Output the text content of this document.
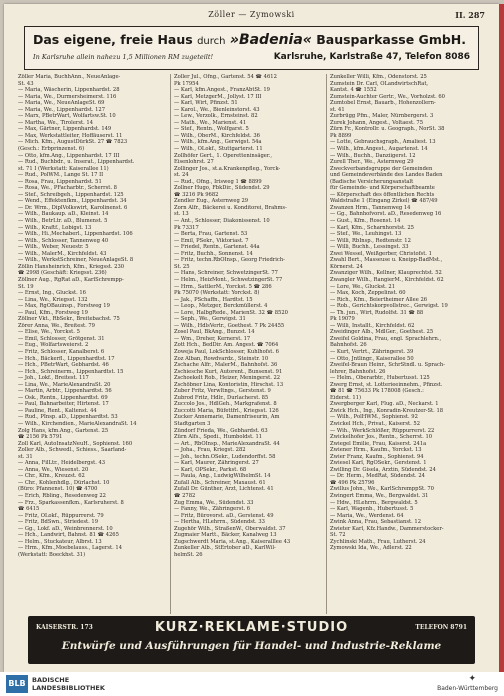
Zöller — Zymowski	II. 287
Das eigene, freie Haus durch »Badenia« Bausparkasse GmbH.
In Karlsruhe allein nahezu 1,5 Millionen RM zugeteilt!	Karlsruhe, Karlstraße 47, Telefon 8086
Zöller Maria, BuchhAnn., NeueAnlage-
St. 43
— Maria, Wäscherin, Lippenhardst. 28
— Maria, We., Durmersheimerst. 116
— Maria, We., NeueAnlageSt. 69
— Maria, We., Lippenhardst. 127
— Marx, PBetrWart, Wolfartsw.St. 10
— Martha, We., Tirolerst. 14
— Max, Gärtner, Lippenhardst. 149
— Max, Werkstattleiter, Hoffäuserst. 11
— Mich. Kfm., AugustDürkSt. 27 ☎ 7823
(Gesch.: Erbprinzenst. 6)
— Otto, kfm.Ang., Lippenhardst. 17 III
— Rud., Buchbdr., u. Inserat., Lippenhardst.
st. 71 I (Werkstatt: Kaiserallee 11)
— Rud., PolWM., Lange St. 17 II
— Rosa, Frau, Lippenhardst. 51
— Rosa, We., PFacharbtr., Scherrst. 8
— Stef., Schreibgeh., Lippenhardst. 125
— Wend., Effektenfkm., Lippenhardst. 34
— Dr. Wrm., DiplVolkswirt, Karolinenst. 6
— Wilh., Baukaup. aD., Kleinst. 14
— Wilh., BetrLtr. aD., Blumenst. 5
— Wilh., Kraftf., Lobigst. 13
— Wilh., Hi.,Mechaberl., Lippenhardst. 106
— Wilh., Schlosser, Tannenweg 40
— Wilh., Weber, Neuestr. 5
— Wilh., MalerM., Kirchfeldst. 43
— Wilh., WerkstSchreiner, NeueAnlageSt. 8
Zöllin Hansheinrich, Kfm., Kriegsst. 230
☎ 2998 (Geschäft: Kriegsst. 236)
Zöllner Aug., RgRat aD., KarlSchrempp-
St. 19
— Ernst, Ing., Gluckst. 16
— Lina, We., Kriegsst. 132
— Max, RgOBauinsp., Forstweg 19
— Paul, Kfm., Forstweg 19
Zöllner Vkt., RbSekr., Breitebachst. 75
Zörer Anna, We., Breitest. 79
— Elise, We., Yorckst. 5
— Emil, Schlosser, Grötgenst. 31
— Eug., Wolfartsweierst. 2
— Fritz, Schlosser, Kanalberst. 6
— Hch., Bäckerfl., Lippenhardtst. 17
— Hch., PBetrWart, Gebhardst. 46
— Hch., Schreinerm., Lippenhardtst. 15
— Joh., Lokf., Breitest. 117
— Lina, We., MarieAlexandraSt. 20
— Martin, Arbtr., Lippenhardtst. 56
— Osk., Rentn., Lippenhardtst. 69
— Paul, Bahnarbeiter, Hirtenst. 17
— Pauline, Rent., Kaltenst. 44
— Rud., PInsp. aD., Lippenhardtst. 53
— Wilh., Kirchendien., MarieAlexandraSt. 14
Zolg Hans, kfm.Ang., Gartenst. 25
☎ 2156 Pk 5791
Zoll Karl, AutoInsatzNeuH., Sophienst. 160
Zoller Alb., Schwedl., Schiess., Saarland-
st. 31
— Anna, FilLtr., Heidelbergst. 43
— Anna, We., Wiesenst. 20
— Chr., Kfm., Kreuzst. 62
— Chr., Kohlenhdlg., Dürlachst. 10
(Büro: Pfannenst. 10) ☎ 4700
— Erich, Rbling., Resedenweg 22
— Frz., Sparkassenfkm., Karlsruherst. 8
☎ 6415
— Fritz, OLokf., Rüppurrerst. 79
— Fritz, BdSwn., Striedest. 19
— Gg., Lokf. aD., Weinbrennerst. 10
— Hch., Landwirt, Bahnst. 81 ☎ 4265
— Helm., Stuckateur, Albrst. 13
— Hrm., Kfm.,Moebelauss., Lagerst. 14
(Werkstatt: Boeckhst. 31)
Zoller Jul., Ofng., Gartenst. 54 ☎ 4612
Pk 17954
— Karl, kfm.Angest., FranzAbtSt. 19
— Karl, MetzgerM., Jollyst. 17 III
— Karl, Wirt, Pfinzst. 51
— Karol., We., Bienleinstorst. 43
— Lew., Verzolk., Ernsteinst. 82
— Math., We., Marienst. 41
— Stef., Rentn., Wolfgarst. 5
— Wilh., OberM., Kirchfeldst. 36
— Wilh., kfm.Ang., Gerwigst. 54a
— Wilh., OLokf., Stuttgarterst. 11
Zollhöfer Gert., 1. Operetteninsäger.,
Eisenlohrst. 27
Zollinger Jos., st.a.Krankenpfleg., Yorck-
st. 24
— Rud., Ofng., Irisweg 1 ☎ 8899
Zollner Hugo, FbkDir., Südendst. 29
☎ 3216 Pk 9682
Zendler Eug., Asternweg 29
Zorn Alfr., Bäckerei u. Konditorei, Brahms-
st. 13
— Ant., Schlosser, Diakonissenst. 10
Pk 73317
— Berta, Frau, Gartenst. 53
— Emil, PSekr., Viktoriast. 7
— Friedel, Rentn., Gartenst. 44a
— Fritz, Buchh., Sonnenst. 14
— Fritz, techn.RbOInsp., Georg Friedrich-
St. 25
— Hans, Schreiner, SchwetzingerSt. 77
— Helm., HeizMont., SchwetzingerSt. 77
— Hrm., SattlerM., Yorckst. 5 ☎ 286
Pk 75070 (Werkstatt: Yorckst. 8)
— Jak., PSchaffn., Hardtst. 15
— Leop., Metzger, Berckmüllerst. 4
— Lore, HalbgRede., MarienSt. 32 ☎ 8520
— Seph., We., Gerwigst. 31
— Wilh., HdlsVertr., Goethest. 7 Pk 24455
Zosel Paul, BkAng., Bunzst. 14
— Wm., Dreher, Kernerst. 17
Zott Hch., BedDir. Am. Angest. ☎ 7064
Zoweja Paul, LokSchlosser, Kuhlhofst. 6
Zoz Alban, Rowdvardz., Steinstr. 10
Zschache Alfr., MalerM., Bahnhofst. 36
Zschiesche Kurt, Autorent., Bunsenst. 91
Zschoekelt Rob., Heizer, Meningerst. 22
Zschöbner Lina, Kontoristin, Hirschst. 13
Zuber Fritz, Verwltngs., Gerstenst. 9
Zubrod Fritz, Hdlr., Durlacherst. 85
Zuccolo Jos., HdlGeh., Markgrafenst. 8
Zuccotti Maria, Büfettfrl., Kriegsst. 126
Zucker Annemarie, Damenfriseurin, Am
Stadtgarten 3
Zündorf Frieda, We., Gebhardst. 63
Zürn Alfs., Spedi., Humboldst. 11
— Art., RbOInsp., MarieAlexandraSt. 44
— Joha., Frau, Kriegst. 282
— Joh., techn.OSekr., Ludendorffst. 58
— Karl, Maurer, Zähringerst. 27
— Karl, OPSekr., Parkst. 68
— Paula, Ang., LudwigWilhelmSt. 14
Zufall Alb., Schreiner, Maxaust. 61
Zufall Dr. Günther, Arzt, Lichtenst. 41
☎ 2782
Zug Emma, We., Südendst. 33
— Fanny, We., Zähringerst. 6
— Fritz, Bürovorst. aD., Gerstenst. 49
— Hertha, HLehrrn., Südendst. 33
Zugehör Wilh., StraßenW., Oberwaldst. 37
Zugmaier Martt., Bäcker, Kanalweg 13
Zugschwerdt Maria, st.Ang., Kaiseralllee 43
Zunkeller Alb., StErtober aD., KarlWil-
helmSt. 26
Zunkeller Willi, Kfm., Odenstorst. 25
Zumstein Dr. Carl, OLandwirtschRat,
Kantst. 4 ☎ 1552
Zumstein-Auchter Gertr., We., Vorholzst. 60
Zumtobel Ernst, Bauarb., Hohenzollern-
st. 41
Zurbrügg Pfm., Maler, Nürnbergerst. 3
Zurek Johann, Angest., Voltaest. 75
Zürn Fr., Kontrollr. u. Geograph., NorSt. 38
Pk 8899
— Lotte, Gebrauchsgraph., Amaliest. 13
— Wilh., kfm.Angest., Augartenst. 14
— Wilh., Buchh., Danziigerst. 12
Zurell Ther., We., Asternweg 29
Zweckverbandsgruppe der Gemeinden
und Gemeindeverbände des Landes Baden
(Badische Versicherungsanstalt
für Gemeinde- und Körperschaftbeamte
— Körperschaft des öffentlichen Rechts
Waldstraße 1 (Eingang Zirkel) ☎ 487/49
Zwanzen Hrm., Tannenweg 14
— Gg., Bahnhofvorst. aD., Resedenweg 16
— Gust., Kfm., Rosenst. 14
— Karl, Kfm., Scharnhorstst. 25
— Stef., We., Leuhingst. 13
— Willi, RbInsp., Redtenstr. 12
— Willi, Buchh., Lessingst. 33
Zwei Wessel, Weißgerber, Christofst. 1
Zwahl Bert., Masseuse u. Kneipp-BadMst.,
Körnerst. 24
Zwanziger Wilh., Kellner, Klauprechtst. 52
Zwangler Wilh., RangierM., Kirchfeldst. 62
— Lore, We., Gluckst. 21
— Max, Koch, Zeppelinst. 60
— Rich., Kfm., Beiertheimer Allee 26
— Rob., Gerichtskorpvollstrec., Gerwigst. 19
— Th. jun., Wirt, Rudolfst. 31 ☎ 88
Pk 19079
— Willi, Installt., Kirchfeldst. 62
Zweidinger Alb., MdlGer., Goethest. 25
Zweifel Goldina, Frau, engl. Sprachlehrn.,
Bahnhofst. 26
— Kurt, Vertrt., Zähringerst. 39
— Otto, Jntlingr., Kaiserallee 50
Zweifel-Braun Heinr., SchrStndl. u. Sprach-
lehrer, Bahnhofst. 26
— Helm., Oberarbtr., Hubertusst. 125
Zwerg Ernst, st. Lotterieeinnehm., Pfinzst.
☎ 81 ☎ 75633 Pk 178008 (Gesch.:
Eiderst. 11)
Zwergberger Karl, Flug. aD., Neckarst. 1
Zwick Hch., Ing., Konradin-Kreutzer-St. 18
— Wilh., PolHWM., Sophienst. 92
Zwickel Hch., Privat., Kaiserst. 52
— Wih., WerkSchlößer, Rüppurrerst. 22
Zwickelhofer Jos., Rentn., Scherrst. 10
Zwiegel Emilie, Frau, Kaiserst. 241a
Zwiener Hrm., Kaufm., Yorckst. 13
Zwier Franz, Kaufm., Sophienst. 94
Zwiesel Karl, RgOSekr., Gerstenst. 1
Zwilling Dr. Gisela, Ärztin, Südendst. 24
— Dr. Herm., MedRat, Südendst. 24
☎ 496 Pk 25796
Zwillus John., We., KarlSchremppSt. 70
Zwingert Emma, We., Bergwaldst. 31
— Hdw., HLehrrn., Bergwaldst. 5
— Karl, Wagenb., Hubertusst. 5
— Maria, We., Werdenst. 64
Zwink Anna, Frau, Sebastianst. 12
Zwieter Karl, Kfz.Handw., Dammerstocker-
St. 72
Zychlinski Math., Frau, Lutherst. 24
Zymowski Ida, We., Adlerst. 22
KAISERSTR. 173	TELEFON 8791
KURZ·REKLAME·STUDIO
Entwürfe und Ausführungen für Handel- und Industrie-Reklame
BLB BADISCHE
LANDESBIBLIOTHEK
✦
Baden-Württemberg
